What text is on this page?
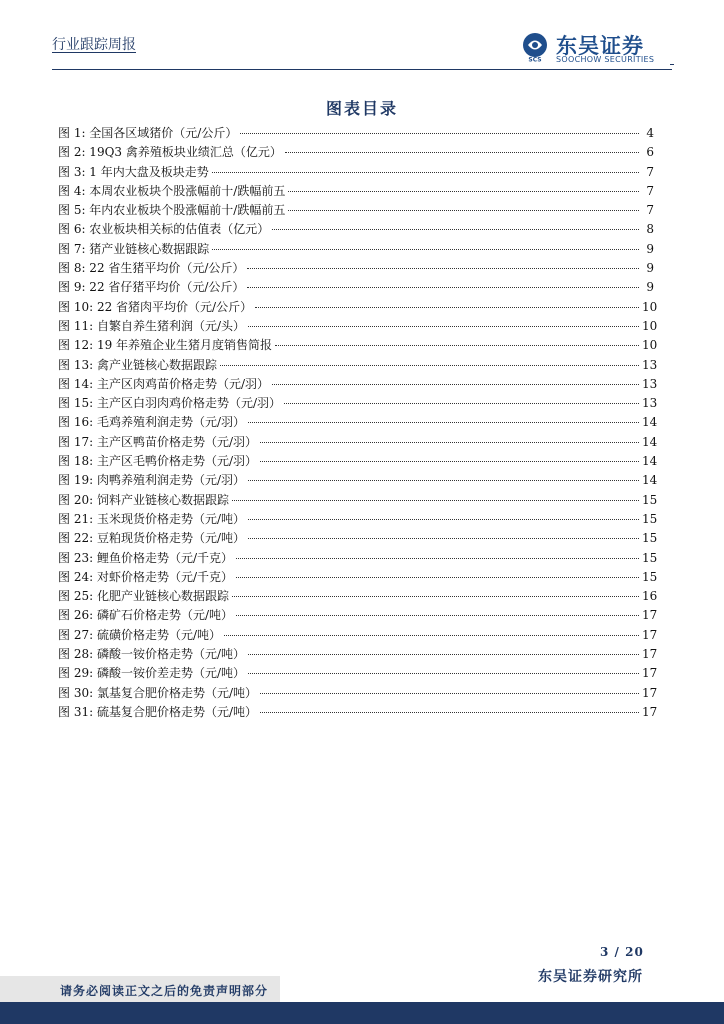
行业跟踪周报
SCS
东吴证券
SOOCHOW SECURITIES
图表目录
图 1: 全国各区域猪价（元/公斤）	4
图 2: 19Q3 禽养殖板块业绩汇总（亿元）	6
图 3: 1 年内大盘及板块走势	7
图 4: 本周农业板块个股涨幅前十/跌幅前五	7
图 5: 年内农业板块个股涨幅前十/跌幅前五	7
图 6: 农业板块相关标的估值表（亿元）	8
图 7: 猪产业链核心数据跟踪	9
图 8: 22 省生猪平均价（元/公斤）	9
图 9: 22 省仔猪平均价（元/公斤）	9
图 10: 22 省猪肉平均价（元/公斤）	10
图 11: 自繁自养生猪利润（元/头）	10
图 12: 19 年养殖企业生猪月度销售简报	10
图 13: 禽产业链核心数据跟踪	13
图 14: 主产区肉鸡苗价格走势（元/羽）	13
图 15: 主产区白羽肉鸡价格走势（元/羽）	13
图 16: 毛鸡养殖利润走势（元/羽）	14
图 17: 主产区鸭苗价格走势（元/羽）	14
图 18: 主产区毛鸭价格走势（元/羽）	14
图 19: 肉鸭养殖利润走势（元/羽）	14
图 20: 饲料产业链核心数据跟踪	15
图 21: 玉米现货价格走势（元/吨）	15
图 22: 豆粕现货价格走势（元/吨）	15
图 23: 鲤鱼价格走势（元/千克）	15
图 24: 对虾价格走势（元/千克）	15
图 25: 化肥产业链核心数据跟踪	16
图 26: 磷矿石价格走势（元/吨）	17
图 27: 硫磺价格走势（元/吨）	17
图 28: 磷酸一铵价格走势（元/吨）	17
图 29: 磷酸一铵价差走势（元/吨）	17
图 30: 氯基复合肥价格走势（元/吨）	17
图 31: 硫基复合肥价格走势（元/吨）	17
3 / 20
东吴证券研究所
请务必阅读正文之后的免责声明部分
